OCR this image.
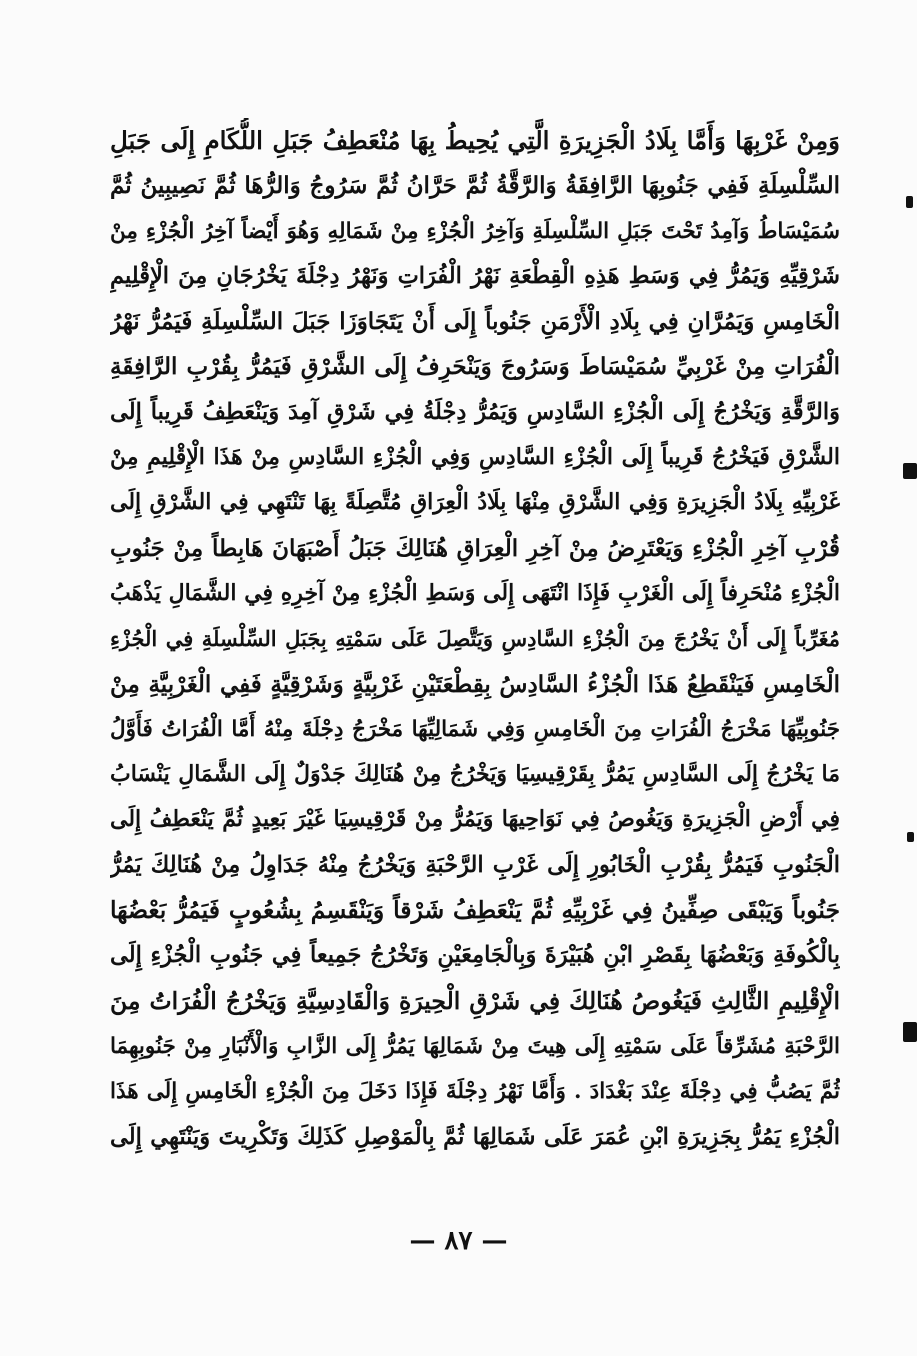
وَمِنْ غَرْبِهَا وَأَمَّا بِلَادُ الْجَزِيرَةِ الَّتِي يُحِيطُ بِهَا مُنْعَطِفُ جَبَلِ اللُّكَامِ إِلَى جَبَلِ
السِّلْسِلَةِ فَفِي جَنُوبِهَا الرَّافِقَةُ وَالرَّقَّةُ ثُمَّ حَرَّانُ ثُمَّ سَرُوجُ وَالرُّهَا ثُمَّ نَصِيبِينُ ثُمَّ
سُمَيْسَاطُ وَآمِدُ تَحْتَ جَبَلِ السِّلْسِلَةِ وَآخِرُ الْجُزْءِ مِنْ شَمَالِهِ وَهُوَ أَيْضاً آخِرُ الْجُزْءِ مِنْ
شَرْقِيِّهِ وَيَمُرُّ فِي وَسَطِ هَذِهِ الْقِطْعَةِ نَهْرُ الْفُرَاتِ وَنَهْرُ دِجْلَةَ يَخْرُجَانِ مِنَ الْإِقْلِيمِ
الْخَامِسِ وَيَمُرَّانِ فِي بِلَادِ الْأَرْمَنِ جَنُوباً إِلَى أَنْ يَتَجَاوَزَا جَبَلَ السِّلْسِلَةِ فَيَمُرُّ نَهْرُ
الْفُرَاتِ مِنْ غَرْبِيِّ سُمَيْسَاطَ وَسَرُوجَ وَيَنْحَرِفُ إِلَى الشَّرْقِ فَيَمُرُّ بِقُرْبِ الرَّافِقَةِ
وَالرَّقَّةِ وَيَخْرُجُ إِلَى الْجُزْءِ السَّادِسِ وَيَمُرُّ دِجْلَةُ فِي شَرْقِ آمِدَ وَيَنْعَطِفُ قَرِيباً إِلَى
الشَّرْقِ فَيَخْرُجُ قَرِيباً إِلَى الْجُزْءِ السَّادِسِ وَفِي الْجُزْءِ السَّادِسِ مِنْ هَذَا الْإِقْلِيمِ مِنْ
غَرْبِيِّهِ بِلَادُ الْجَزِيرَةِ وَفِي الشَّرْقِ مِنْهَا بِلَادُ الْعِرَاقِ مُتَّصِلَةً بِهَا تَنْتَهِي فِي الشَّرْقِ إِلَى
قُرْبِ آخِرِ الْجُزْءِ وَيَعْتَرِضُ مِنْ آخِرِ الْعِرَاقِ هُنَالِكَ جَبَلُ أَصْبَهَانَ هَابِطاً مِنْ جَنُوبِ
الْجُزْءِ مُنْحَرِفاً إِلَى الْغَرْبِ فَإِذَا انْتَهَى إِلَى وَسَطِ الْجُزْءِ مِنْ آخِرِهِ فِي الشَّمَالِ يَذْهَبُ
مُغَرِّباً إِلَى أَنْ يَخْرُجَ مِنَ الْجُزْءِ السَّادِسِ وَيَتَّصِلَ عَلَى سَمْتِهِ بِجَبَلِ السِّلْسِلَةِ فِي الْجُزْءِ
الْخَامِسِ فَيَنْقَطِعُ هَذَا الْجُزْءُ السَّادِسُ بِقِطْعَتَيْنِ غَرْبِيَّةٍ وَشَرْقِيَّةٍ فَفِي الْغَرْبِيَّةِ مِنْ
جَنُوبِيِّهَا مَخْرَجُ الْفُرَاتِ مِنَ الْخَامِسِ وَفِي شَمَالِيِّهَا مَخْرَجُ دِجْلَةَ مِنْهُ أَمَّا الْفُرَاتُ فَأَوَّلُ
مَا يَخْرُجُ إِلَى السَّادِسِ يَمُرُّ بِقَرْقِيسِيَا وَيَخْرُجُ مِنْ هُنَالِكَ جَدْوَلٌ إِلَى الشَّمَالِ يَنْسَابُ
فِي أَرْضِ الْجَزِيرَةِ وَيَغُوصُ فِي نَوَاحِيهَا وَيَمُرُّ مِنْ قَرْقِيسِيَا غَيْرَ بَعِيدٍ ثُمَّ يَنْعَطِفُ إِلَى
الْجَنُوبِ فَيَمُرُّ بِقُرْبِ الْخَابُورِ إِلَى غَرْبِ الرَّحْبَةِ وَيَخْرُجُ مِنْهُ جَدَاوِلُ مِنْ هُنَالِكَ يَمُرُّ
جَنُوباً وَيَبْقَى صِفِّينُ فِي غَرْبِيِّهِ ثُمَّ يَنْعَطِفُ شَرْقاً وَيَنْقَسِمُ بِشُعُوبٍ فَيَمُرُّ بَعْضُهَا
بِالْكُوفَةِ وَبَعْضُهَا بِقَصْرِ ابْنِ هُبَيْرَةَ وَبِالْجَامِعَيْنِ وَتَخْرُجُ جَمِيعاً فِي جَنُوبِ الْجُزْءِ إِلَى
الْإِقْلِيمِ الثَّالِثِ فَيَغُوصُ هُنَالِكَ فِي شَرْقِ الْحِيرَةِ وَالْقَادِسِيَّةِ وَيَخْرُجُ الْفُرَاتُ مِنَ
الرَّحْبَةِ مُشَرِّقاً عَلَى سَمْتِهِ إِلَى هِيتَ مِنْ شَمَالِهَا يَمُرُّ إِلَى الزَّابِ وَالْأَنْبَارِ مِنْ جَنُوبِهِمَا
ثُمَّ يَصُبُّ فِي دِجْلَةَ عِنْدَ بَغْدَادَ . وَأَمَّا نَهْرُ دِجْلَةَ فَإِذَا دَخَلَ مِنَ الْجُزْءِ الْخَامِسِ إِلَى هَذَا
الْجُزْءِ يَمُرُّ بِجَزِيرَةِ ابْنِ عُمَرَ عَلَى شَمَالِهَا ثُمَّ بِالْمَوْصِلِ كَذَلِكَ وَتَكْرِيتَ وَيَنْتَهِي إِلَى
— ٨٧ —
